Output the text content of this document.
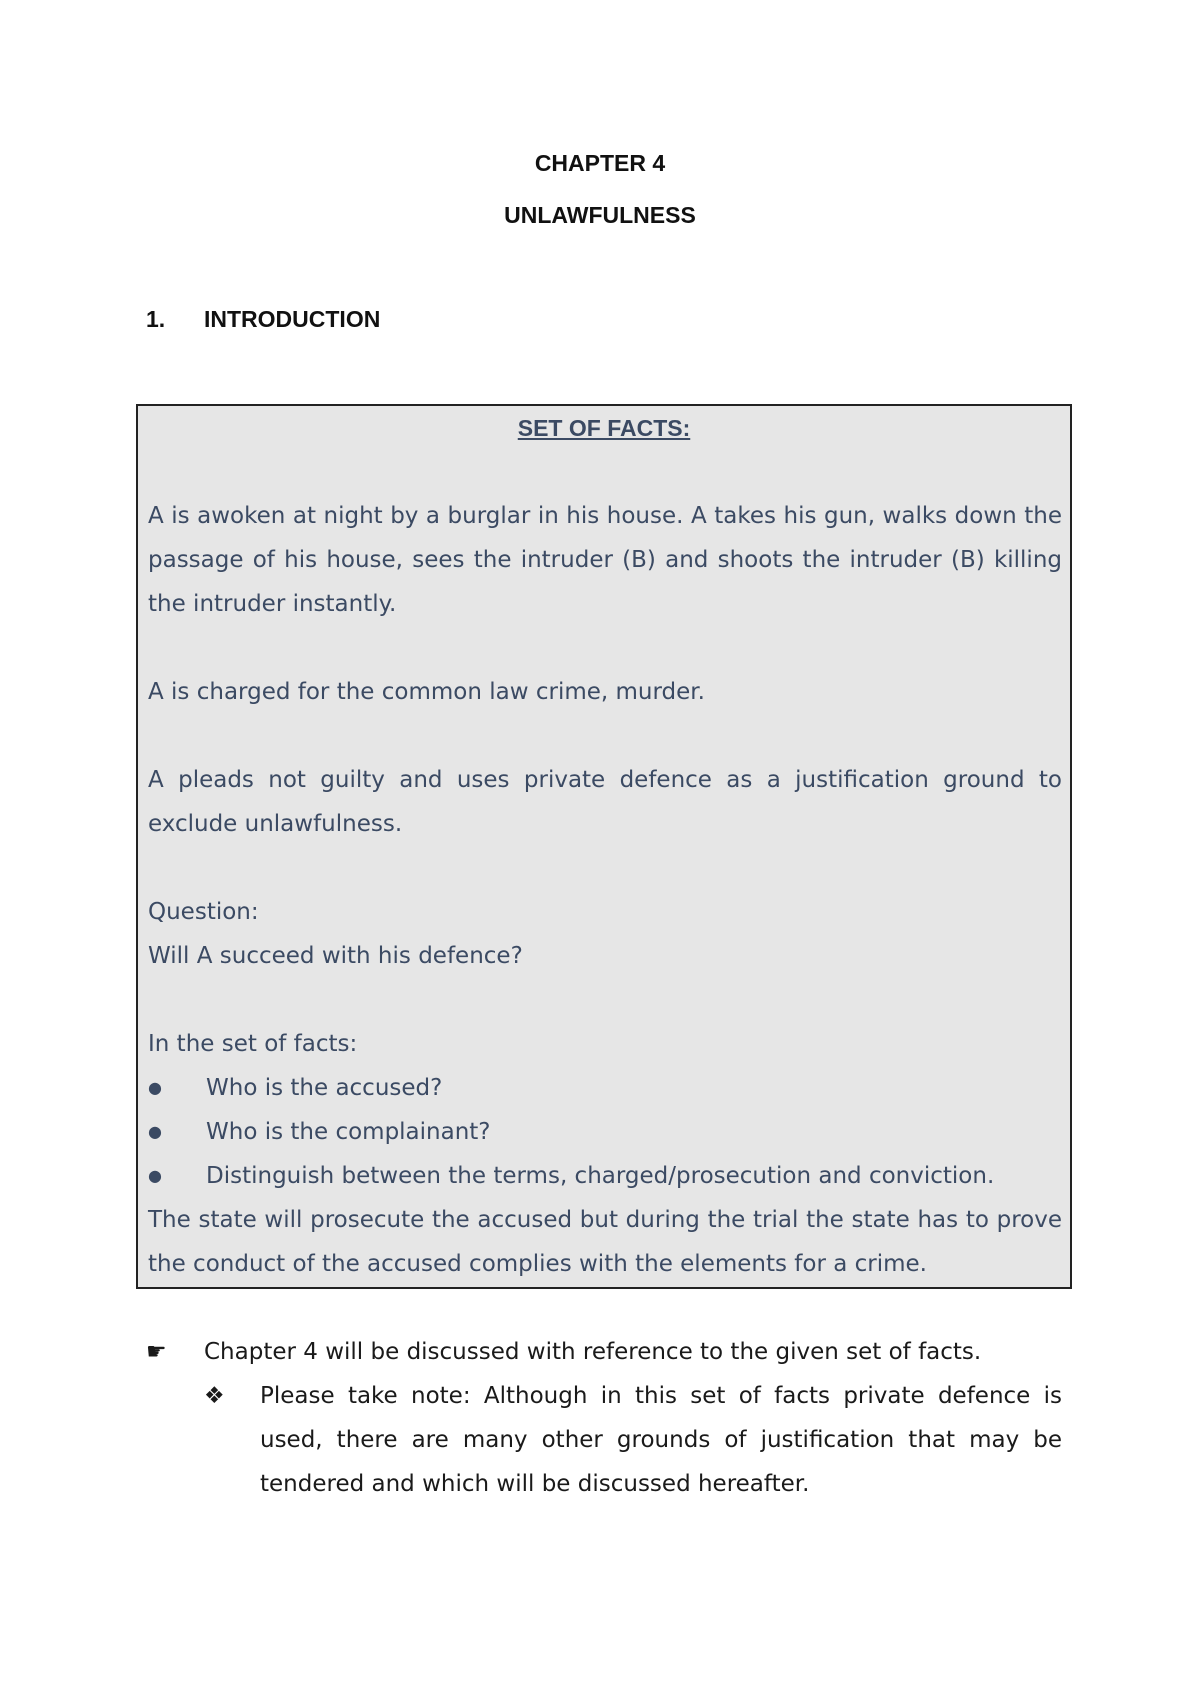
CHAPTER 4
UNLAWFULNESS
1. INTRODUCTION
SET OF FACTS:
A is awoken at night by a burglar in his house. A takes his gun, walks down the passage of his house, sees the intruder (B) and shoots the intruder (B) killing the intruder instantly.
A is charged for the common law crime, murder.
A pleads not guilty and uses private defence as a justification ground to exclude unlawfulness.
Question:
Will A succeed with his defence?
In the set of facts:
● Who is the accused?
● Who is the complainant?
● Distinguish between the terms, charged/prosecution and conviction.
The state will prosecute the accused but during the trial the state has to prove the conduct of the accused complies with the elements for a crime.
☛	Chapter 4 will be discussed with reference to the given set of facts.
❖	Please take note: Although in this set of facts private defence is used, there are many other grounds of justification that may be tendered and which will be discussed hereafter.
